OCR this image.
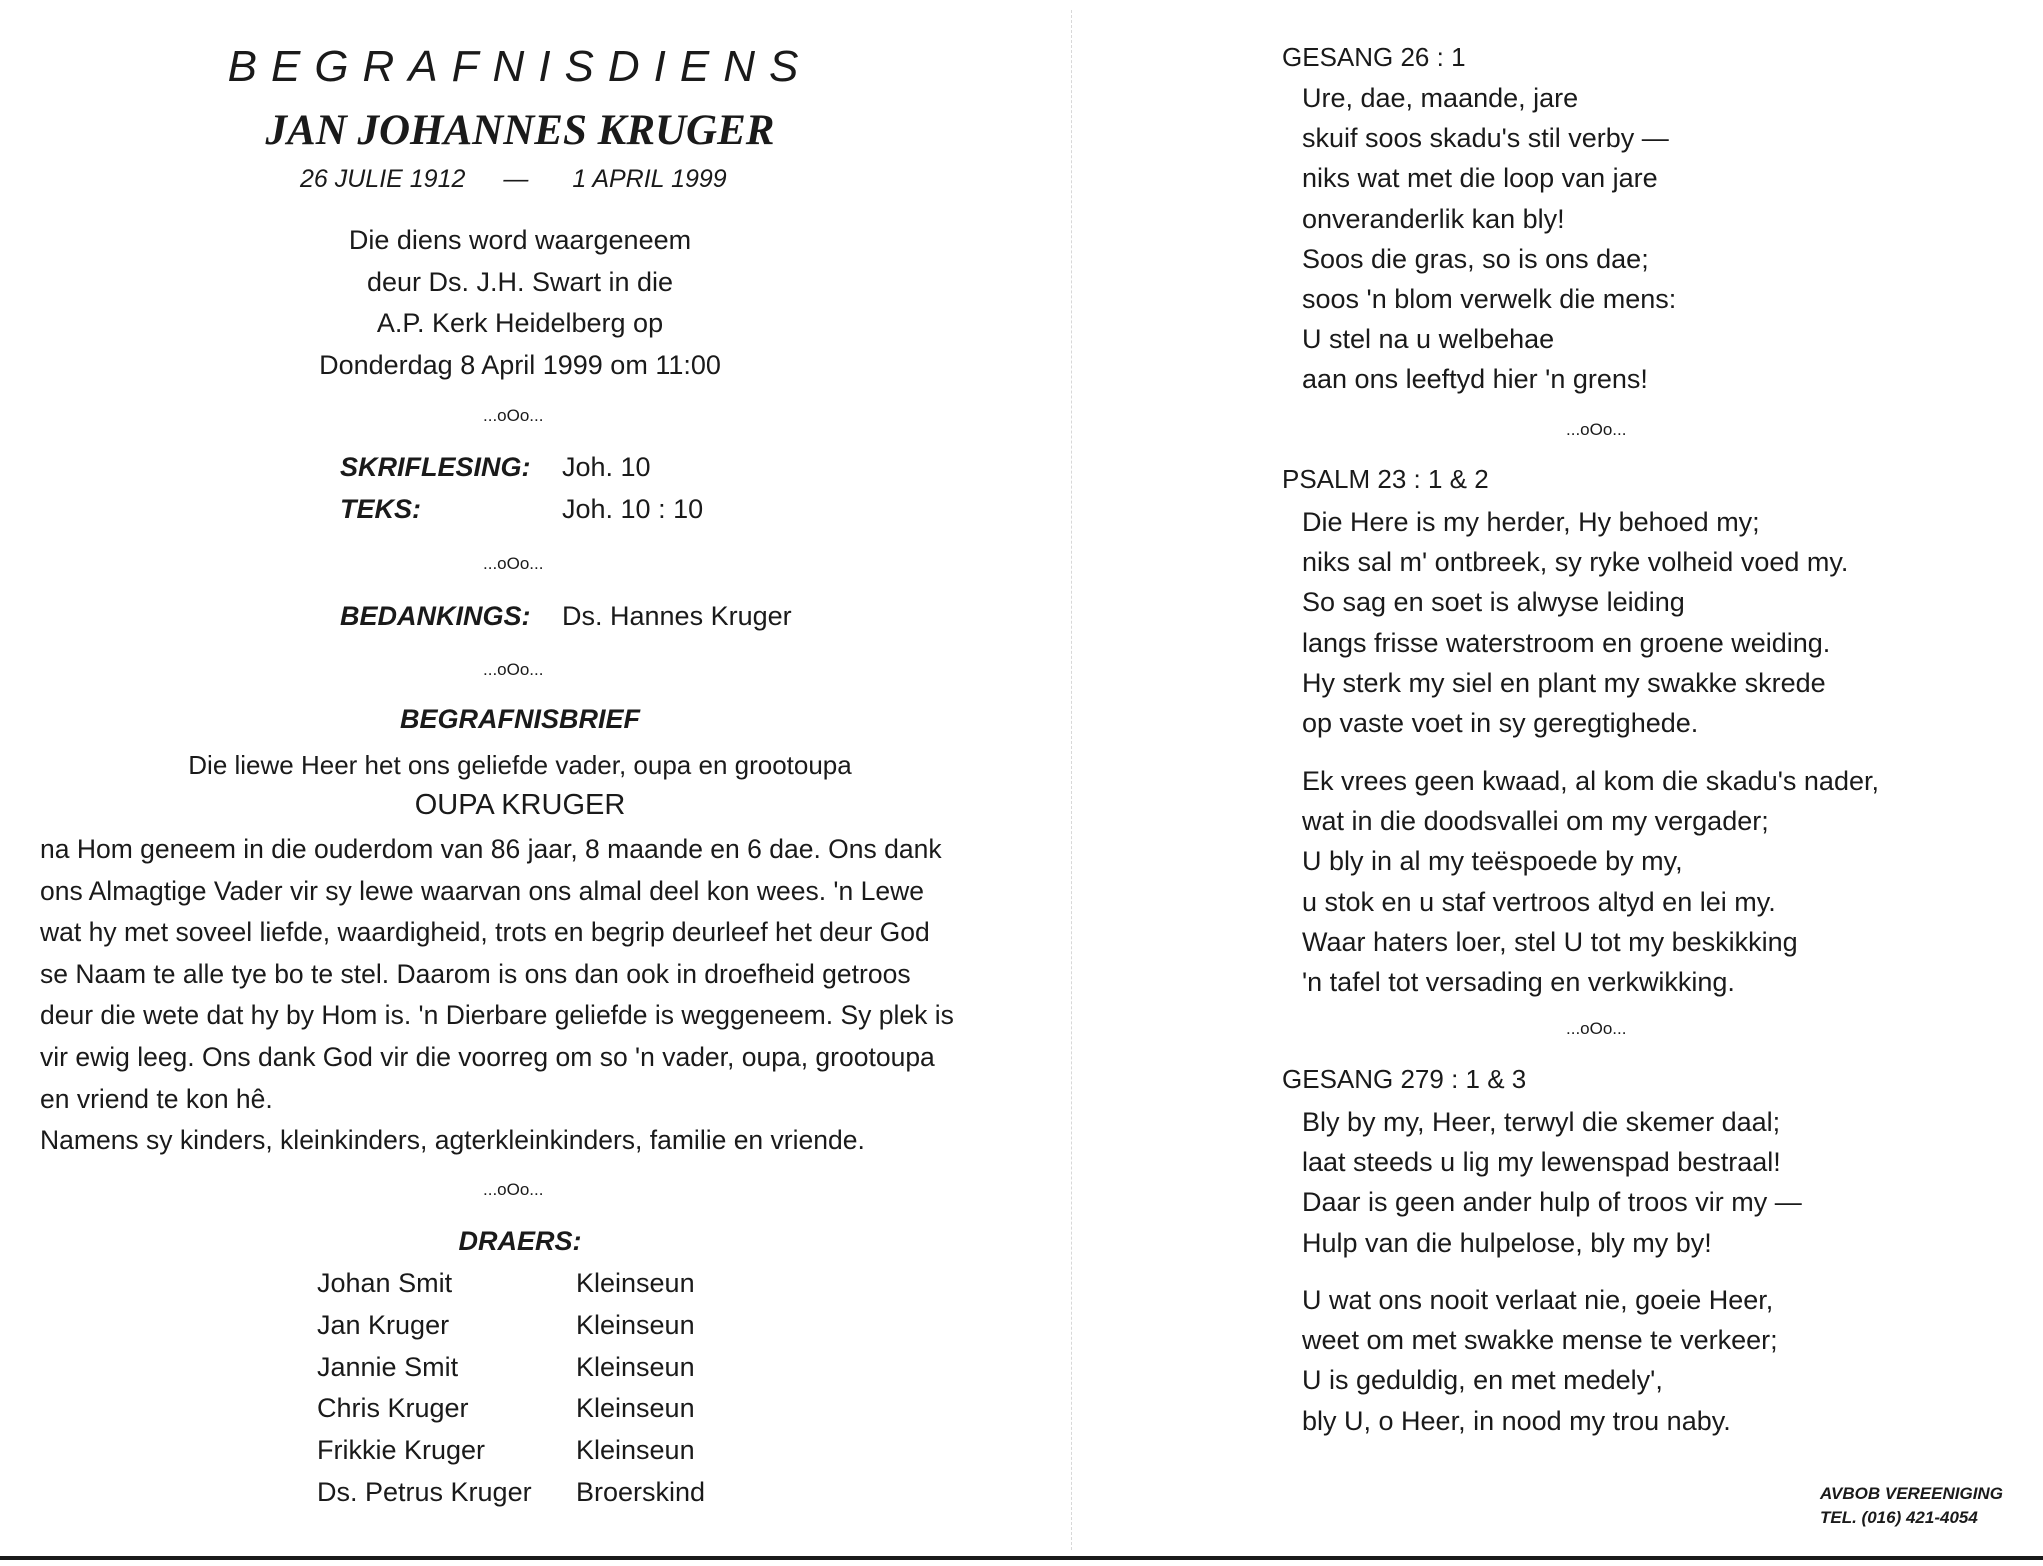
BEGRAFNISDIENS
JAN JOHANNES KRUGER
26 JULIE 1912 — 1 APRIL 1999
Die diens word waargeneem
deur Ds. J.H. Swart in die
A.P. Kerk Heidelberg op
Donderdag 8 April 1999 om 11:00
...oOo...
SKRIFLESING: Joh. 10
TEKS:	Joh. 10 : 10
...oOo...
BEDANKINGS: Ds. Hannes Kruger
...oOo...
BEGRAFNISBRIEF
Die liewe Heer het ons geliefde vader, oupa en grootoupa
OUPA KRUGER
na Hom geneem in die ouderdom van 86 jaar, 8 maande en 6 dae. Ons dank
ons Almagtige Vader vir sy lewe waarvan ons almal deel kon wees. 'n Lewe
wat hy met soveel liefde, waardigheid, trots en begrip deurleef het deur God
se Naam te alle tye bo te stel. Daarom is ons dan ook in droefheid getroos
deur die wete dat hy by Hom is. 'n Dierbare geliefde is weggeneem. Sy plek is
vir ewig leeg. Ons dank God vir die voorreg om so 'n vader, oupa, grootoupa
en vriend te kon hê.
Namens sy kinders, kleinkinders, agterkleinkinders, familie en vriende.
...oOo...
DRAERS:
Johan Smit	Kleinseun
Jan Kruger	Kleinseun
Jannie Smit	Kleinseun
Chris Kruger	Kleinseun
Frikkie Kruger	Kleinseun
Ds. Petrus Kruger Broerskind
GESANG 26 : 1
Ure, dae, maande, jare
skuif soos skadu's stil verby —
niks wat met die loop van jare
onveranderlik kan bly!
Soos die gras, so is ons dae;
soos 'n blom verwelk die mens:
U stel na u welbehae
aan ons leeftyd hier 'n grens!
...oOo...
PSALM 23 : 1 & 2
Die Here is my herder, Hy behoed my;
niks sal m' ontbreek, sy ryke volheid voed my.
So sag en soet is alwyse leiding
langs frisse waterstroom en groene weiding.
Hy sterk my siel en plant my swakke skrede
op vaste voet in sy geregtighede.
Ek vrees geen kwaad, al kom die skadu's nader,
wat in die doodsvallei om my vergader;
U bly in al my teëspoede by my,
u stok en u staf vertroos altyd en lei my.
Waar haters loer, stel U tot my beskikking
'n tafel tot versading en verkwikking.
...oOo...
GESANG 279 : 1 & 3
Bly by my, Heer, terwyl die skemer daal;
laat steeds u lig my lewenspad bestraal!
Daar is geen ander hulp of troos vir my —
Hulp van die hulpelose, bly my by!
U wat ons nooit verlaat nie, goeie Heer,
weet om met swakke mense te verkeer;
U is geduldig, en met medely',
bly U, o Heer, in nood my trou naby.
AVBOB VEREENIGING
TEL. (016) 421-4054
